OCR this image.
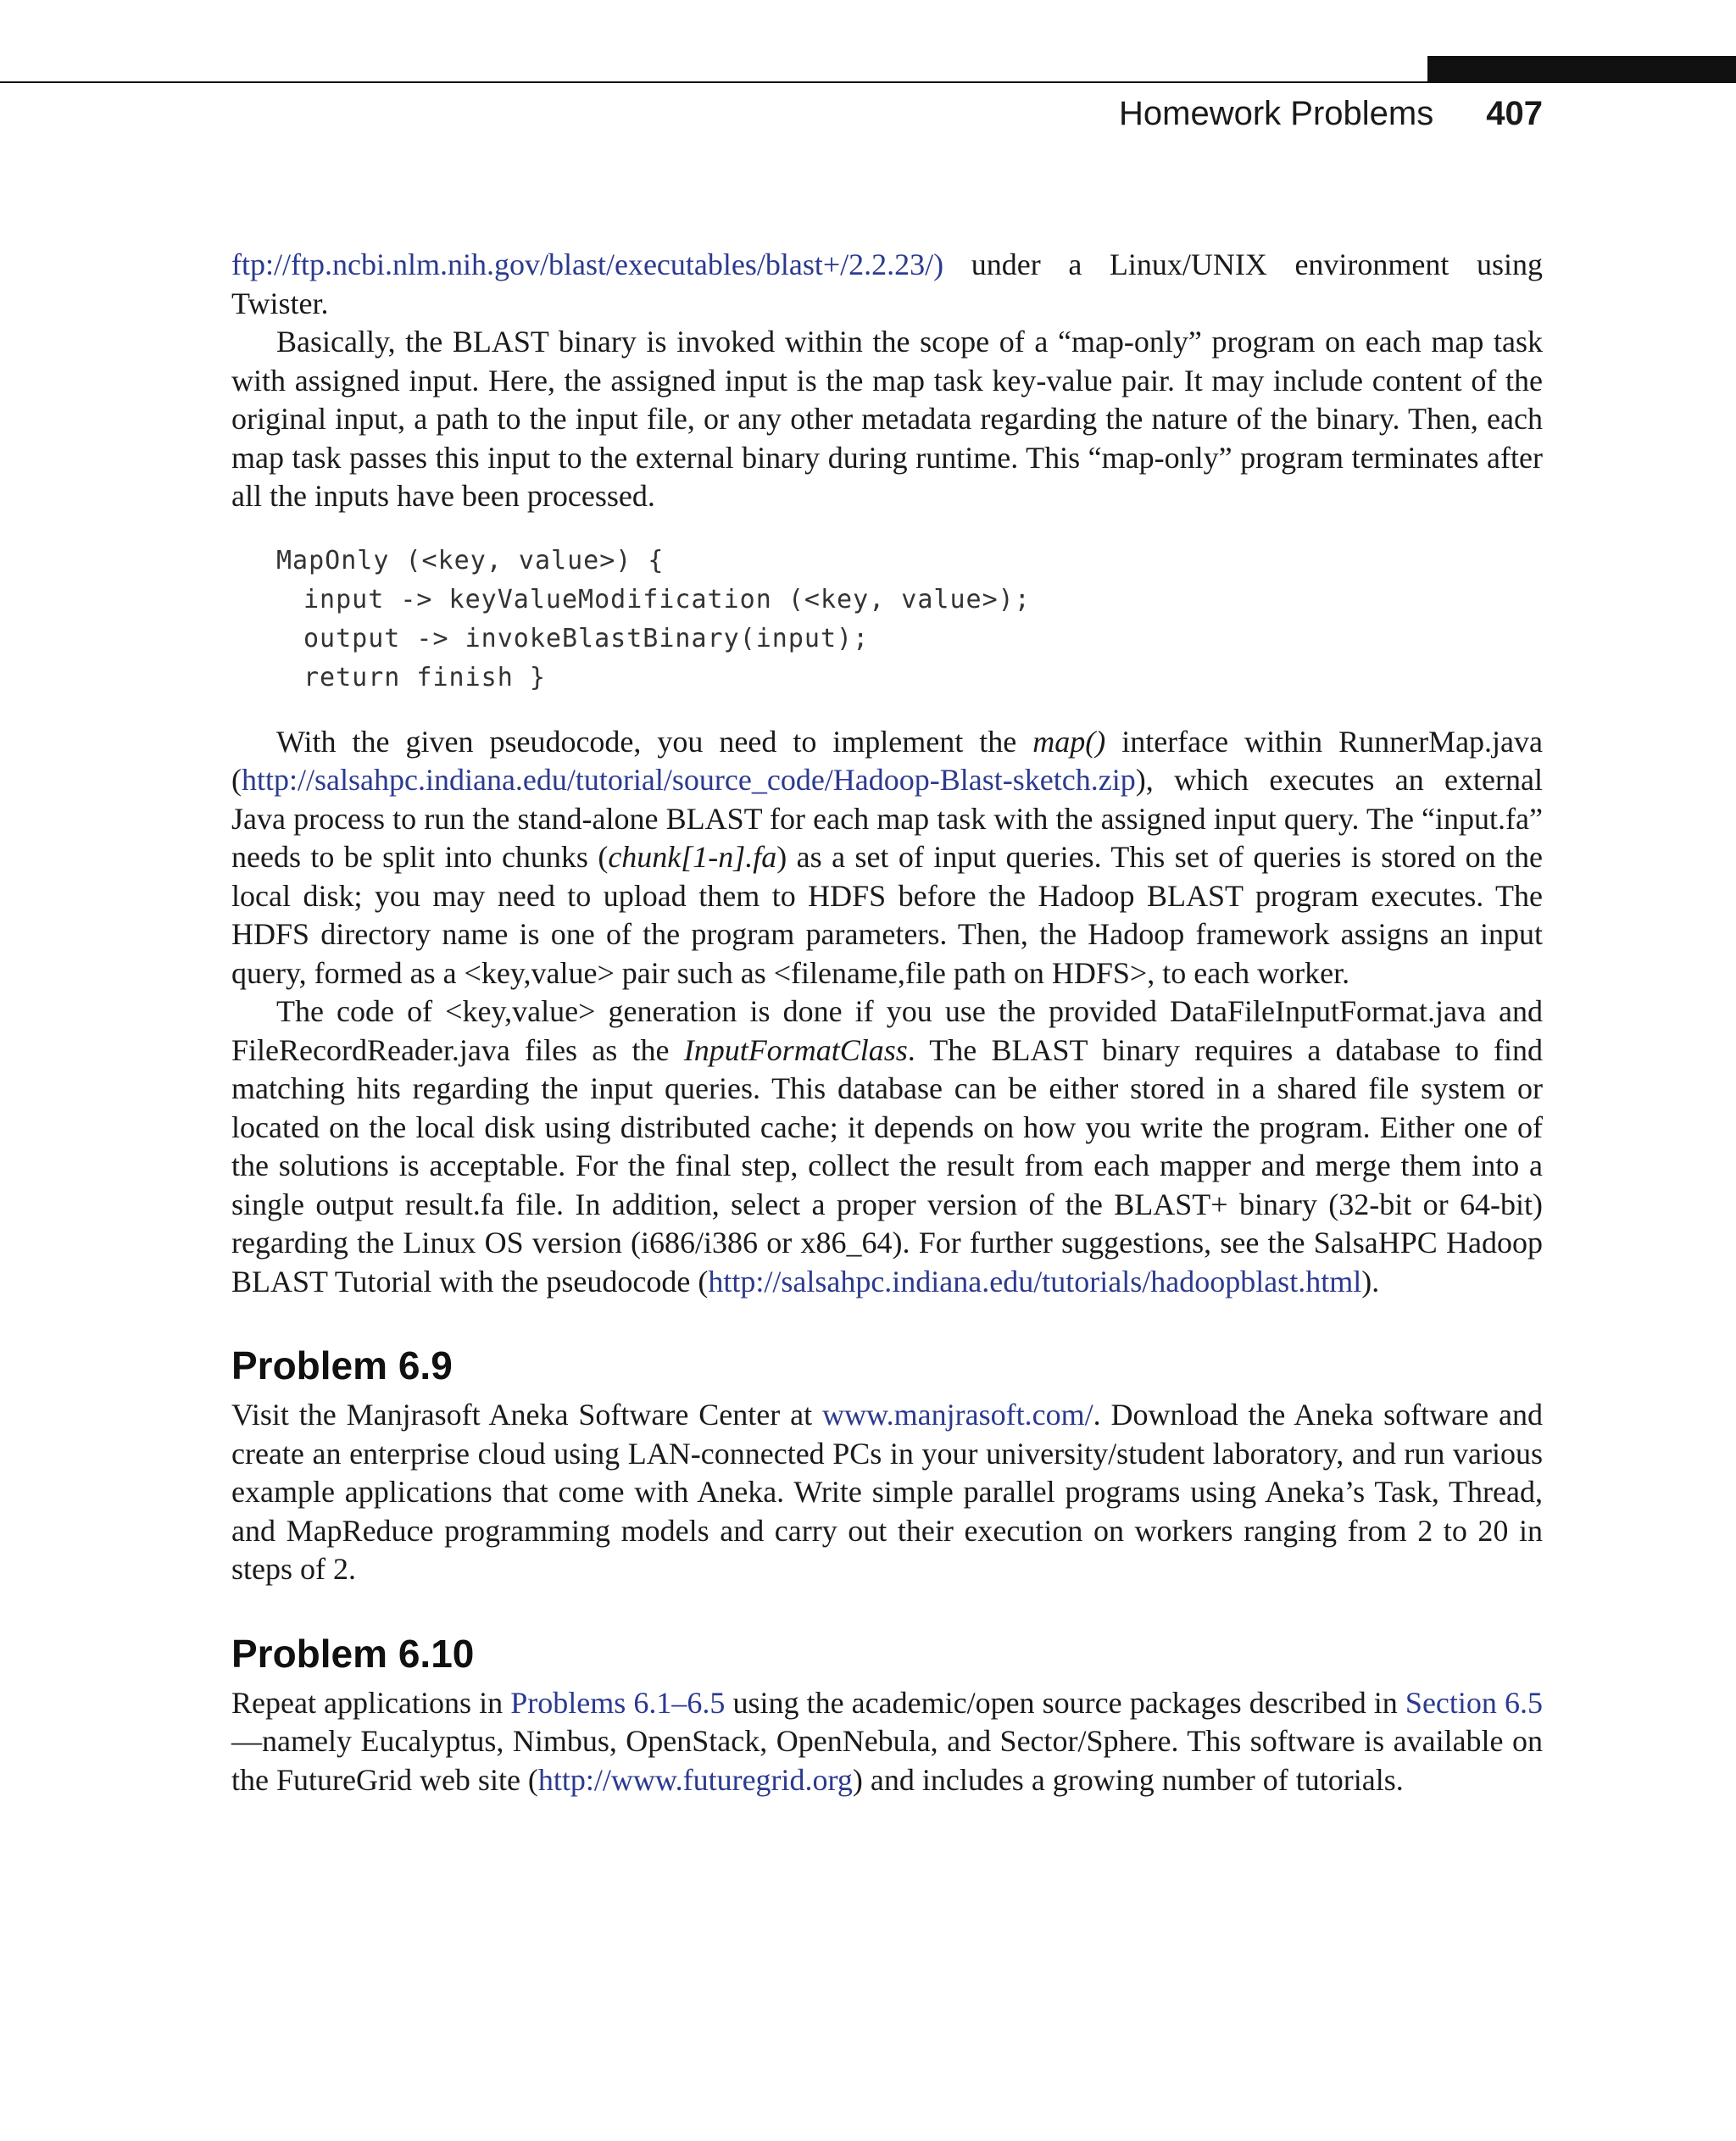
Homework Problems 407

ftp://ftp.ncbi.nlm.nih.gov/blast/executables/blast+/2.2.23/) under a Linux/UNIX environment using Twister.

Basically, the BLAST binary is invoked within the scope of a “map-only” program on each map task with assigned input. Here, the assigned input is the map task key-value pair. It may include content of the original input, a path to the input file, or any other metadata regarding the nature of the binary. Then, each map task passes this input to the external binary during runtime. This “map-only” program terminates after all the inputs have been processed.

MapOnly (<key, value>) {
input -> keyValueModification (<key, value>);
output -> invokeBlastBinary(input);
return finish }

With the given pseudocode, you need to implement the map() interface within RunnerMap.java (http://salsahpc.indiana.edu/tutorial/source_code/Hadoop-Blast-sketch.zip), which executes an external Java process to run the stand-alone BLAST for each map task with the assigned input query. The “input.fa” needs to be split into chunks (chunk[1-n].fa) as a set of input queries. This set of queries is stored on the local disk; you may need to upload them to HDFS before the Hadoop BLAST program executes. The HDFS directory name is one of the program parameters. Then, the Hadoop framework assigns an input query, formed as a <key,value> pair such as <filename,file path on HDFS>, to each worker.

The code of <key,value> generation is done if you use the provided DataFileInputFormat.java and FileRecordReader.java files as the InputFormatClass. The BLAST binary requires a database to find matching hits regarding the input queries. This database can be either stored in a shared file system or located on the local disk using distributed cache; it depends on how you write the program. Either one of the solutions is acceptable. For the final step, collect the result from each mapper and merge them into a single output result.fa file. In addition, select a proper version of the BLAST+ binary (32-bit or 64-bit) regarding the Linux OS version (i686/i386 or x86_64). For further suggestions, see the SalsaHPC Hadoop BLAST Tutorial with the pseudocode (http://salsahpc.indiana.edu/tutorials/hadoopblast.html).

Problem 6.9

Visit the Manjrasoft Aneka Software Center at www.manjrasoft.com/. Download the Aneka software and create an enterprise cloud using LAN-connected PCs in your university/student laboratory, and run various example applications that come with Aneka. Write simple parallel programs using Aneka’s Task, Thread, and MapReduce programming models and carry out their execution on workers ranging from 2 to 20 in steps of 2.

Problem 6.10

Repeat applications in Problems 6.1–6.5 using the academic/open source packages described in Section 6.5—namely Eucalyptus, Nimbus, OpenStack, OpenNebula, and Sector/Sphere. This software is available on the FutureGrid web site (http://www.futuregrid.org) and includes a growing number of tutorials.
